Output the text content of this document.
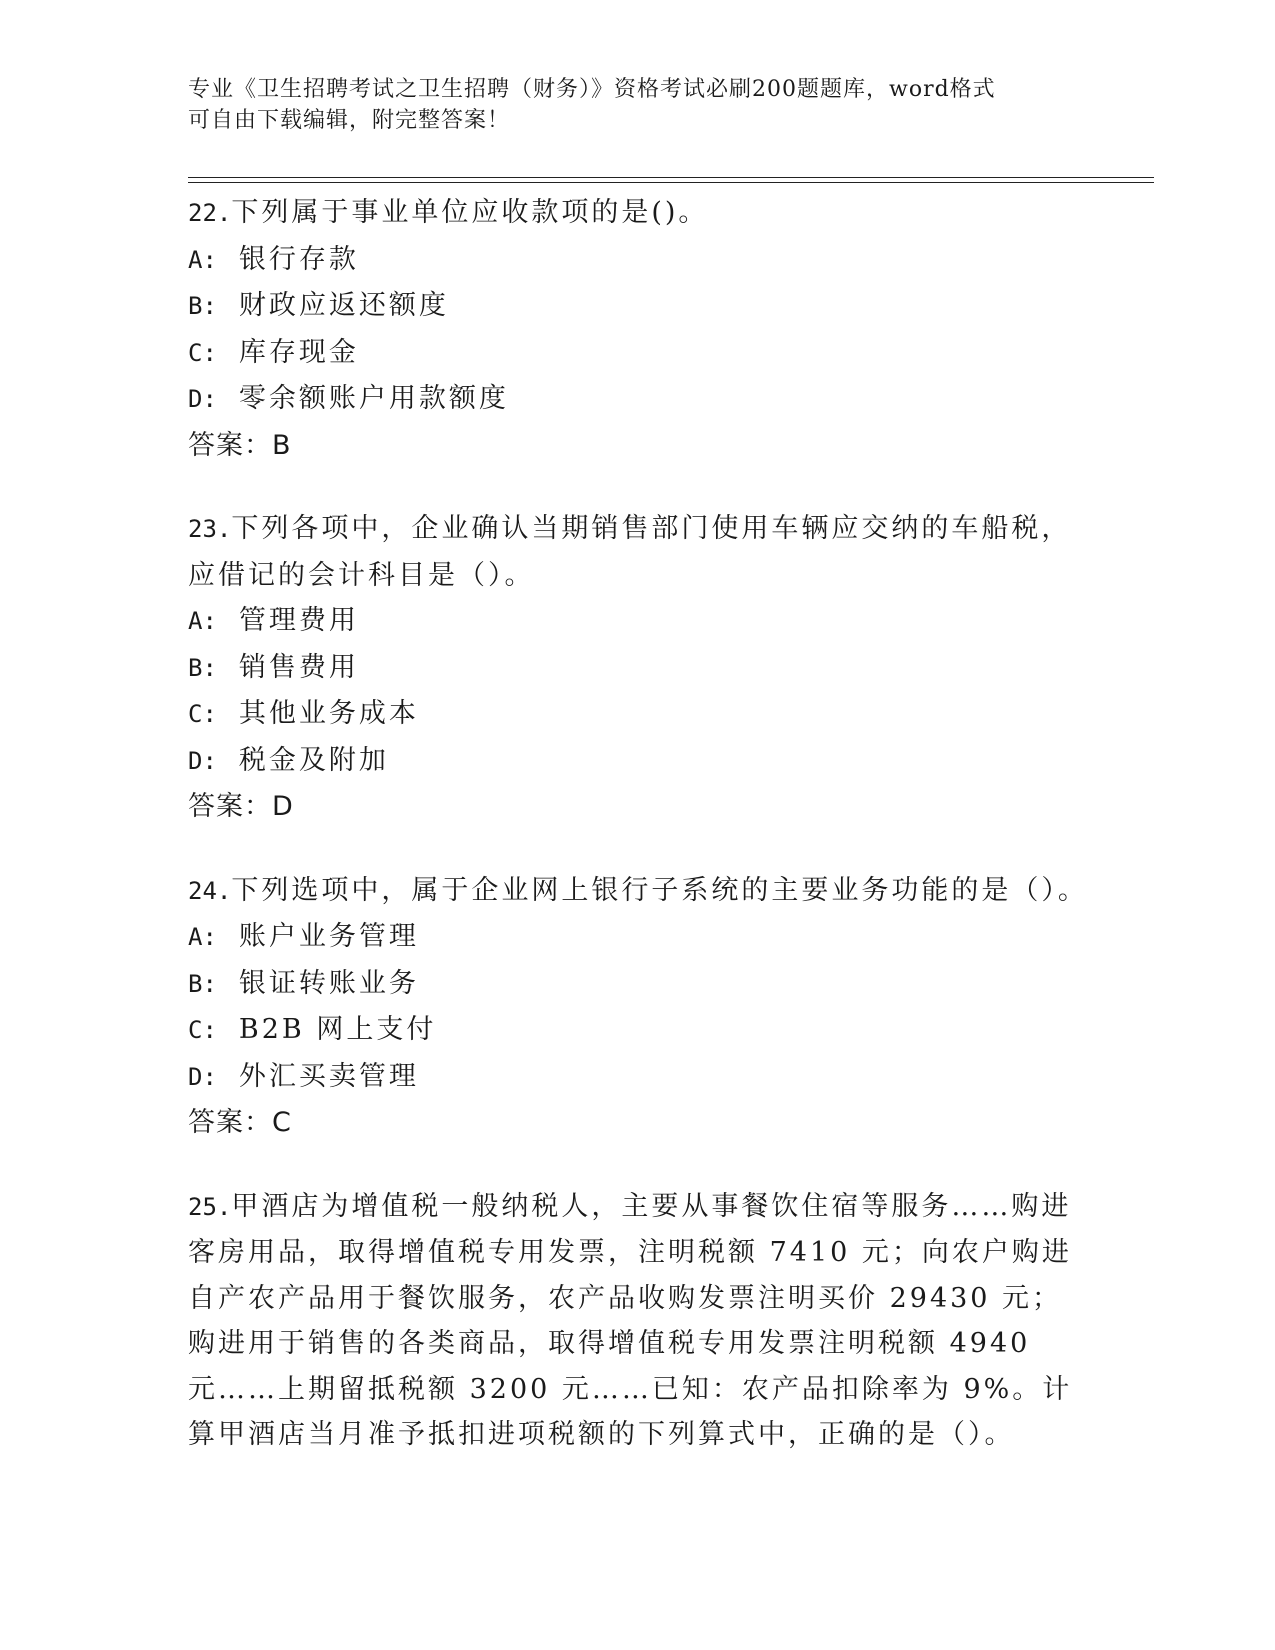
专业《卫生招聘考试之卫生招聘（财务）》资格考试必刷200题题库，word格式
可自由下载编辑，附完整答案！

22.下列属于事业单位应收款项的是()。

A: 银行存款

B: 财政应返还额度

C: 库存现金

D: 零余额账户用款额度

答案：B

23.下列各项中，企业确认当期销售部门使用车辆应交纳的车船税，应借记的会计科目是（）。

A: 管理费用

B: 销售费用

C: 其他业务成本

D: 税金及附加

答案：D

24.下列选项中，属于企业网上银行子系统的主要业务功能的是（）。

A: 账户业务管理

B: 银证转账业务

C: B2B 网上支付

D: 外汇买卖管理

答案：C

25.甲酒店为增值税一般纳税人，主要从事餐饮住宿等服务……购进客房用品，取得增值税专用发票，注明税额 7410 元；向农户购进自产农产品用于餐饮服务，农产品收购发票注明买价 29430 元；购进用于销售的各类商品，取得增值税专用发票注明税额 4940 元……上期留抵税额 3200 元……已知：农产品扣除率为 9%。计算甲酒店当月准予抵扣进项税额的下列算式中，正确的是（）。
